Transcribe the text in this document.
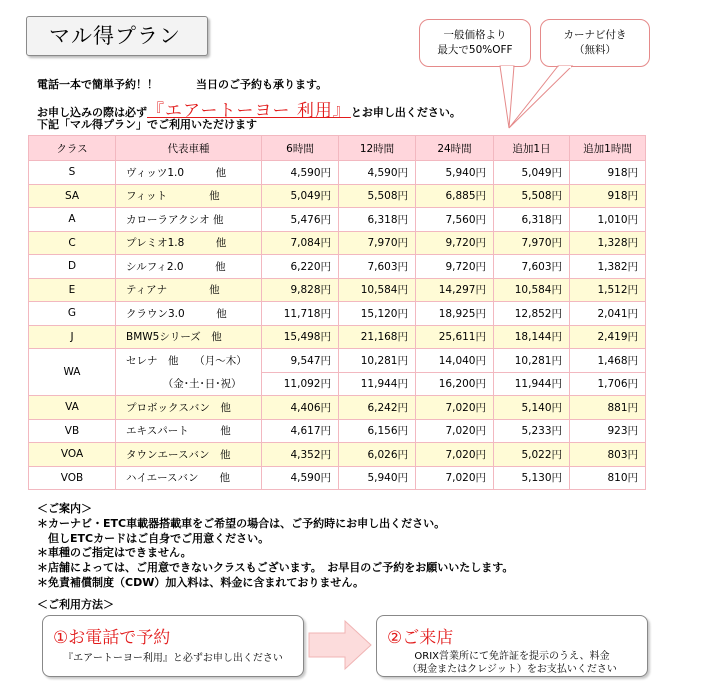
マル得プラン	一般価格より
最大で50%OFF
カーナビ付き
（無料）
電話一本で簡単予約！！	当日のご予約も承ります。
お申し込みの際は必ず『エアートーヨー 利用』とお申し出ください。
下記「マル得プラン」でご利用いただけます
クラス	代表車種	6時間	12時間	24時間	追加1日	追加1時間
S	ヴィッツ1.0　　　他	4,590円	4,590円	5,940円	5,049円	918円
SA	フィット　　　　他	5,049円	5,508円	6,885円	5,508円	918円
A	カローラアクシオ 他	5,476円	6,318円	7,560円	6,318円	1,010円
C	プレミオ1.8　　　他	7,084円	7,970円	9,720円	7,970円	1,328円
D	シルフィ2.0　　　他	6,220円	7,603円	9,720円	7,603円	1,382円
E	ティアナ　　　　他	9,828円	10,584円	14,297円	10,584円	1,512円
G	クラウン3.0　　　他	11,718円	15,120円	18,925円	12,852円	2,041円
J	BMW5シリーズ　他	15,498円	21,168円	25,611円	18,144円	2,419円
WA	セレナ　他　　（月～木）	9,547円	10,281円	14,040円	10,281円	1,468円
	　　　　（金･土･日･祝）	11,092円	11,944円	16,200円	11,944円	1,706円
VA	プロボックスバン　他	4,406円	6,242円	7,020円	5,140円	881円
VB	エキスパート　　　他	4,617円	6,156円	7,020円	5,233円	923円
VOA	タウンエースバン　他	4,352円	6,026円	7,020円	5,022円	803円
VOB	ハイエースバン　　他	4,590円	5,940円	7,020円	5,130円	810円
＜ご案内＞
＊カーナビ・ETC車載器搭載車をご希望の場合は、ご予約時にお申し出ください。
　但しETCカードはご自身でご用意ください。
＊車種のご指定はできません。
＊店舗によっては、ご用意できないクラスもございます。　お早目のご予約をお願いいたします。
＊免責補償制度（CDW）加入料は、料金に含まれておりません。
＜ご利用方法＞
①お電話で予約
『エアートーヨー利用』と必ずお申し出ください
②ご来店
ORIX営業所にて免許証を提示のうえ、料金
（現金またはクレジット）をお支払いください
